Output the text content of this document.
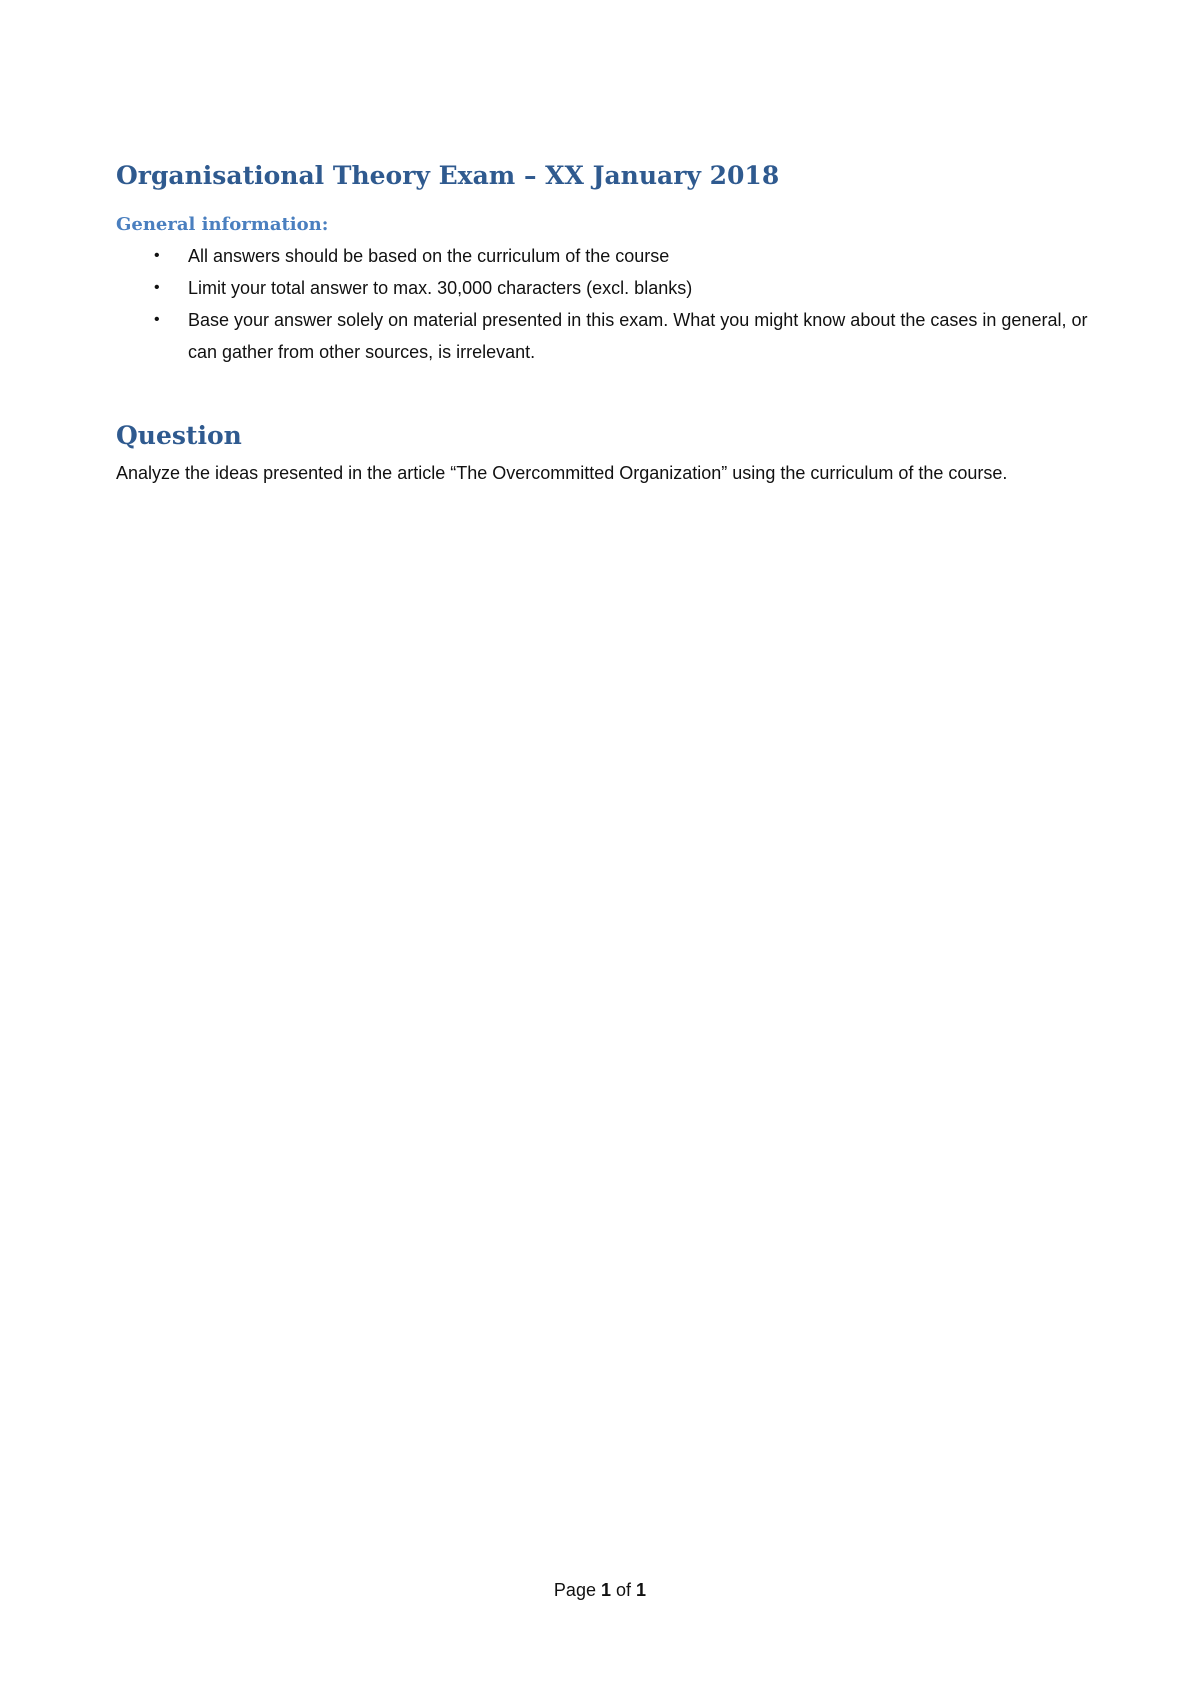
Organisational Theory Exam – XX January 2018
General information:
• All answers should be based on the curriculum of the course
• Limit your total answer to max. 30,000 characters (excl. blanks)
• Base your answer solely on material presented in this exam. What you might know about the cases in general, or can gather from other sources, is irrelevant.
Question

Analyze the ideas presented in the article “The Overcommitted Organization” using the curriculum of the course.

Page 1 of 1
